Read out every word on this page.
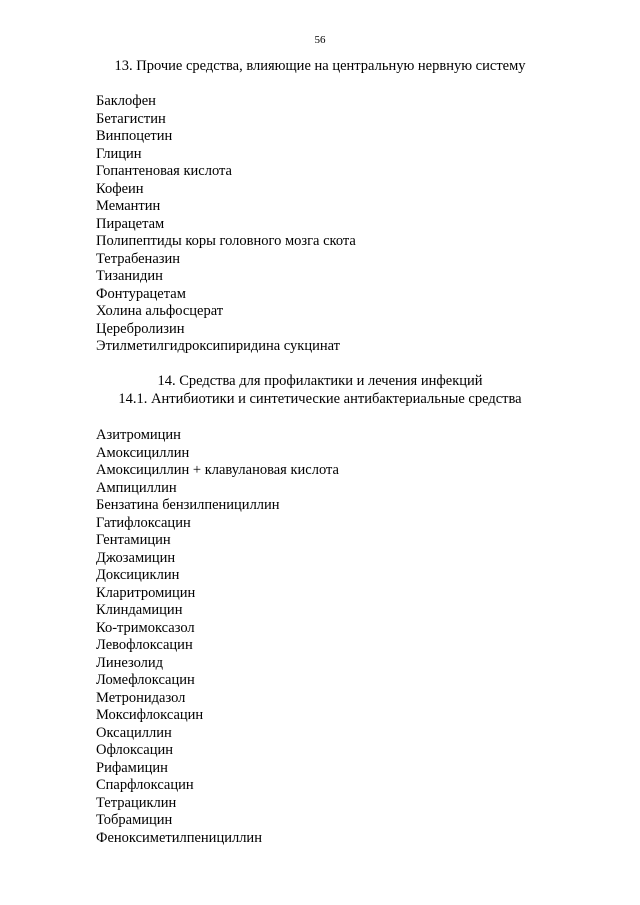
56
13. Прочие средства, влияющие на центральную нервную систему
Баклофен
Бетагистин
Винпоцетин
Глицин
Гопантеновая кислота
Кофеин
Мемантин
Пирацетам
Полипептиды коры головного мозга скота
Тетрабеназин
Тизанидин
Фонтурацетам
Холина альфосцерат
Церебролизин
Этилметилгидроксипиридина сукцинат
14. Средства для профилактики и лечения инфекций
14.1. Антибиотики и синтетические антибактериальные средства
Азитромицин
Амоксициллин
Амоксициллин + клавулановая кислота
Ампициллин
Бензатина бензилпенициллин
Гатифлоксацин
Гентамицин
Джозамицин
Доксициклин
Кларитромицин
Клиндамицин
Ко-тримоксазол
Левофлоксацин
Линезолид
Ломефлоксацин
Метронидазол
Моксифлоксацин
Оксациллин
Офлоксацин
Рифамицин
Спарфлоксацин
Тетрациклин
Тобрамицин
Феноксиметилпенициллин
